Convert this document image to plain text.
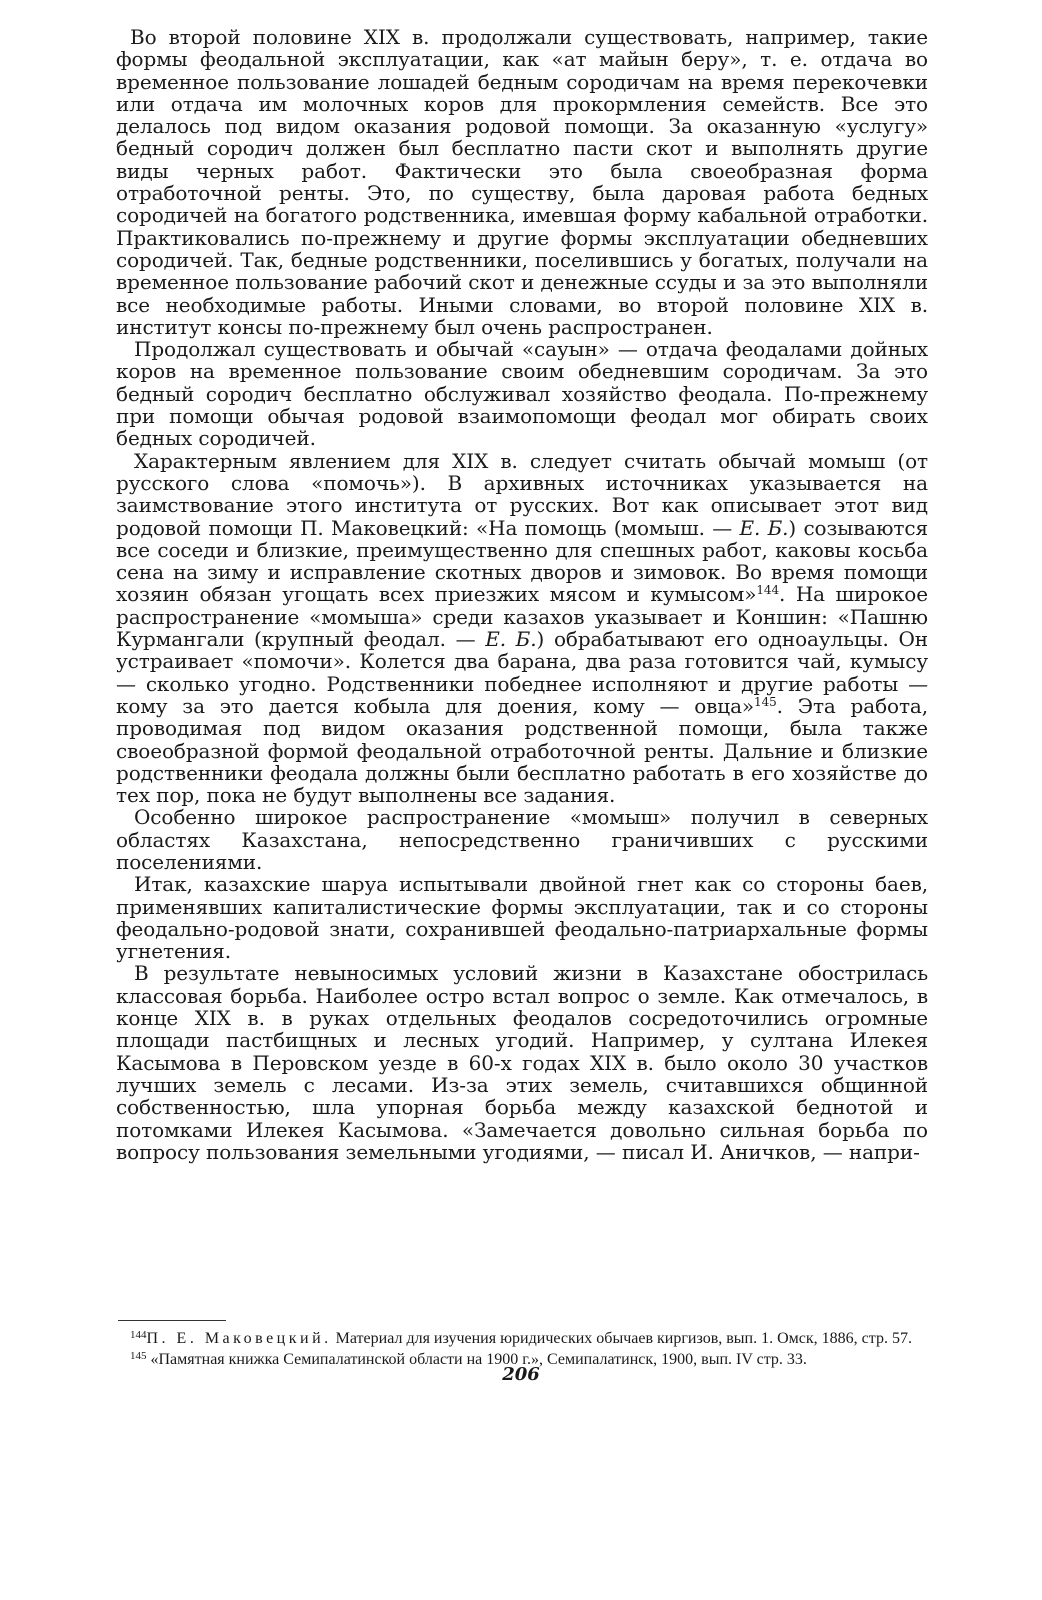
Во второй половине XIX в. продолжали существовать, например, такие формы феодальной эксплуатации, как «ат майын беру», т. е. отдача во временное пользование лошадей бедным сородичам на время перекочевки или отдача им молочных коров для прокормления семейств. Все это делалось под видом оказания родовой помощи. За оказанную «услугу» бедный сородич должен был бесплатно пасти скот и выполнять другие виды черных работ. Фактически это была своеобразная форма отработочной ренты. Это, по существу, была даровая работа бедных сородичей на богатого родственника, имевшая форму кабальной отработки. Практиковались по-прежнему и другие формы эксплуатации обедневших сородичей. Так, бедные родственники, поселившись у богатых, получали на временное пользование рабочий скот и денежные ссуды и за это выполняли все необходимые работы. Иными словами, во второй половине XIX в. институт консы по-прежнему был очень распространен.

Продолжал существовать и обычай «сауын» — отдача феодалами дойных коров на временное пользование своим обедневшим сородичам. За это бедный сородич бесплатно обслуживал хозяйство феодала. По-прежнему при помощи обычая родовой взаимопомощи феодал мог обирать своих бедных сородичей.

Характерным явлением для XIX в. следует считать обычай момыш (от русского слова «помочь»). В архивных источниках указывается на заимствование этого института от русских. Вот как описывает этот вид родовой помощи П. Маковецкий: «На помощь (момыш. — Е. Б.) созываются все соседи и близкие, преимущественно для спешных работ, каковы косьба сена на зиму и исправление скотных дворов и зимовок. Во время помощи хозяин обязан угощать всех приезжих мясом и кумысом»$^{144}$. На широкое распространение «момыша» среди казахов указывает и Коншин: «Пашню Курмангали (крупный феодал. — Е. Б.) обрабатывают его одноаульцы. Он устраивает «помочи». Колется два барана, два раза готовится чай, кумысу — сколько угодно. Родственники победнее исполняют и другие работы — кому за это дается кобыла для доения, кому — овца»$^{145}$. Эта работа, проводимая под видом оказания родственной помощи, была также своеобразной формой феодальной отработочной ренты. Дальние и близкие родственники феодала должны были бесплатно работать в его хозяйстве до тех пор, пока не будут выполнены все задания.

Особенно широкое распространение «момыш» получил в северных областях Казахстана, непосредственно граничивших с русскими поселениями.

Итак, казахские шаруа испытывали двойной гнет как со стороны баев, применявших капиталистические формы эксплуатации, так и со стороны феодально-родовой знати, сохранившей феодально-патриархальные формы угнетения.

В результате невыносимых условий жизни в Казахстане обострилась классовая борьба. Наиболее остро встал вопрос о земле. Как отмечалось, в конце XIX в. в руках отдельных феодалов сосредоточились огромные площади пастбищных и лесных угодий. Например, у султана Илекея Касымова в Перовском уезде в 60-х годах XIX в. было около 30 участков лучших земель с лесами. Из-за этих земель, считавшихся общинной собственностью, шла упорная борьба между казахской беднотой и потомками Илекея Касымова. «Замечается довольно сильная борьба по вопросу пользования земельными угодиями, — писал И. Аничков, — напри-

$^{144}$П. Е. Маковецкий. Материал для изучения юридических обычаев киргизов, вып. 1. Омск, 1886, стр. 57.

$^{145}$ «Памятная книжка Семипалатинской области на 1900 г.», Семипалатинск, 1900, вып. IV стр. 33.

206
